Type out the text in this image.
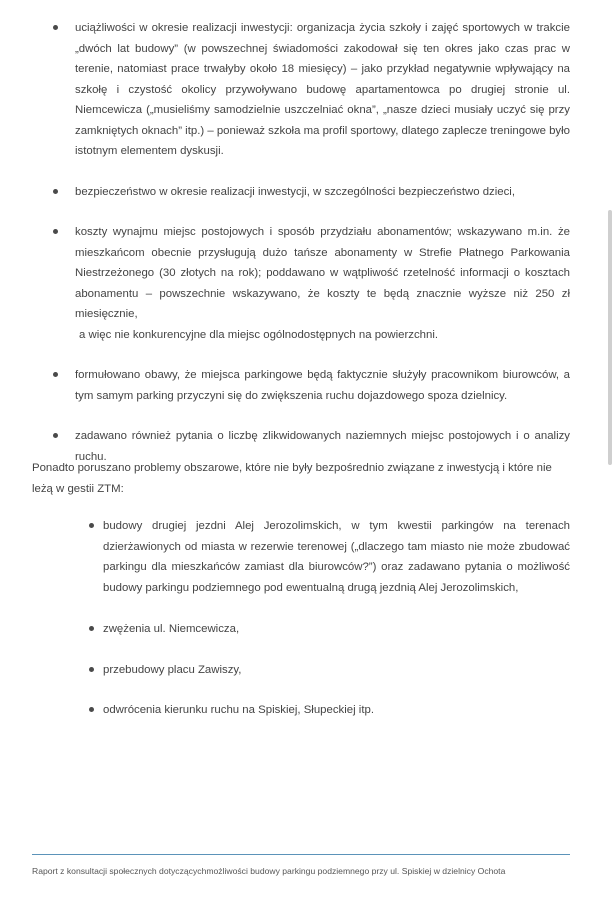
uciążliwości w okresie realizacji inwestycji: organizacja życia szkoły i zajęć sportowych w trakcie „dwóch lat budowy” (w powszechnej świadomości zakodował się ten okres jako czas prac w terenie, natomiast prace trwałyby około 18 miesięcy) – jako przykład negatywnie wpływający na szkołę i czystość okolicy przywoływano budowę apartamentowca po drugiej stronie ul. Niemcewicza („musieliśmy samodzielnie uszczelniać okna”, „nasze dzieci musiały uczyć się przy zamkniętych oknach” itp.) – ponieważ szkoła ma profil sportowy, dlatego zaplecze treningowe było istotnym elementem dyskusji.
bezpieczeństwo w okresie realizacji inwestycji, w szczególności bezpieczeństwo dzieci,
koszty wynajmu miejsc postojowych i sposób przydziału abonamentów; wskazywano m.in. że mieszkańcom obecnie przysługują dużo tańsze abonamenty w Strefie Płatnego Parkowania Niestrzeżonego (30 złotych na rok); poddawano w wątpliwość rzetelność informacji o kosztach abonamentu – powszechnie wskazywano, że koszty te będą znacznie wyższe niż 250 zł miesięcznie,
a więc nie konkurencyjne dla miejsc ogólnodostępnych na powierzchni.
formułowano obawy, że miejsca parkingowe będą faktycznie służyły pracownikom biurowców, a tym samym parking przyczyni się do zwiększenia ruchu dojazdowego spoza dzielnicy.
zadawano również pytania o liczbę zlikwidowanych naziemnych miejsc postojowych i o analizy ruchu.

Ponadto poruszano problemy obszarowe, które nie były bezpośrednio związane z inwestycją i które nie leżą w gestii ZTM:

budowy drugiej jezdni Alej Jerozolimskich, w tym kwestii parkingów na terenach dzierżawionych od miasta w rezerwie terenowej („dlaczego tam miasto nie może zbudować parkingu dla mieszkańców zamiast dla biurowców?”) oraz zadawano pytania o możliwość budowy parkingu podziemnego pod ewentualną drugą jezdnią Alej Jerozolimskich,
zwężenia ul. Niemcewicza,
przebudowy placu Zawiszy,
odwrócenia kierunku ruchu na Spiskiej, Słupeckiej itp.
Raport z konsultacji społecznych dotyczącychmożliwości budowy parkingu podziemnego przy ul. Spiskiej w dzielnicy Ochota
